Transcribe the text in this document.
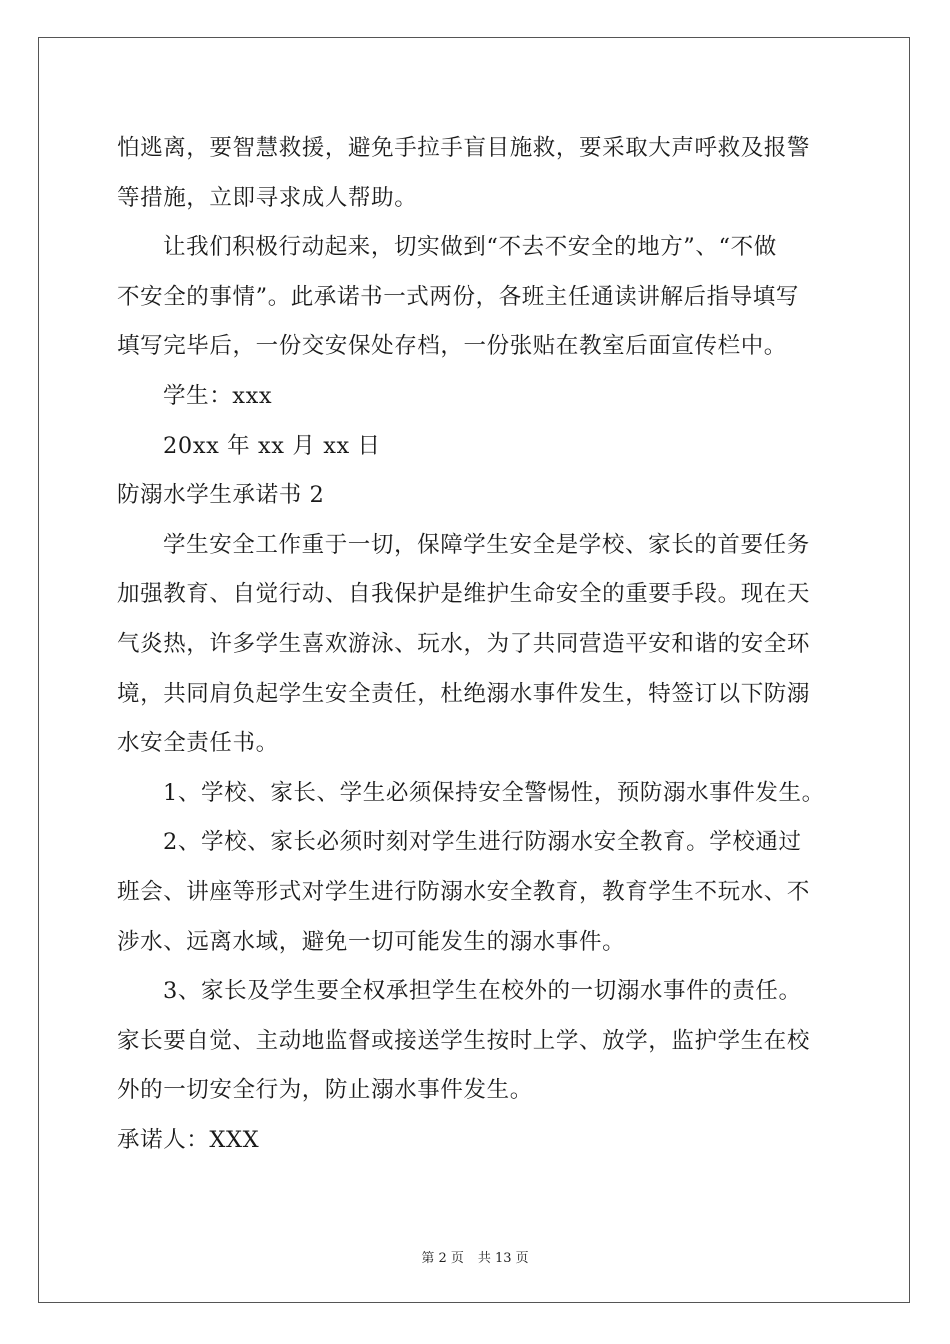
怕逃离，要智慧救援，避免手拉手盲目施救，要采取大声呼救及报警
等措施，立即寻求成人帮助。
让我们积极行动起来，切实做到“不去不安全的地方”、“不做
不安全的事情”。此承诺书一式两份，各班主任通读讲解后指导填写
填写完毕后，一份交安保处存档，一份张贴在教室后面宣传栏中。
学生：xxx
20xx 年 xx 月 xx 日
防溺水学生承诺书 2
学生安全工作重于一切，保障学生安全是学校、家长的首要任务
加强教育、自觉行动、自我保护是维护生命安全的重要手段。现在天
气炎热，许多学生喜欢游泳、玩水，为了共同营造平安和谐的安全环
境，共同肩负起学生安全责任，杜绝溺水事件发生，特签订以下防溺
水安全责任书。
1、学校、家长、学生必须保持安全警惕性，预防溺水事件发生。
2、学校、家长必须时刻对学生进行防溺水安全教育。学校通过
班会、讲座等形式对学生进行防溺水安全教育，教育学生不玩水、不
涉水、远离水域，避免一切可能发生的溺水事件。
3、家长及学生要全权承担学生在校外的一切溺水事件的责任。
家长要自觉、主动地监督或接送学生按时上学、放学，监护学生在校
外的一切安全行为，防止溺水事件发生。
承诺人：XXX
第 2 页 共 13 页
